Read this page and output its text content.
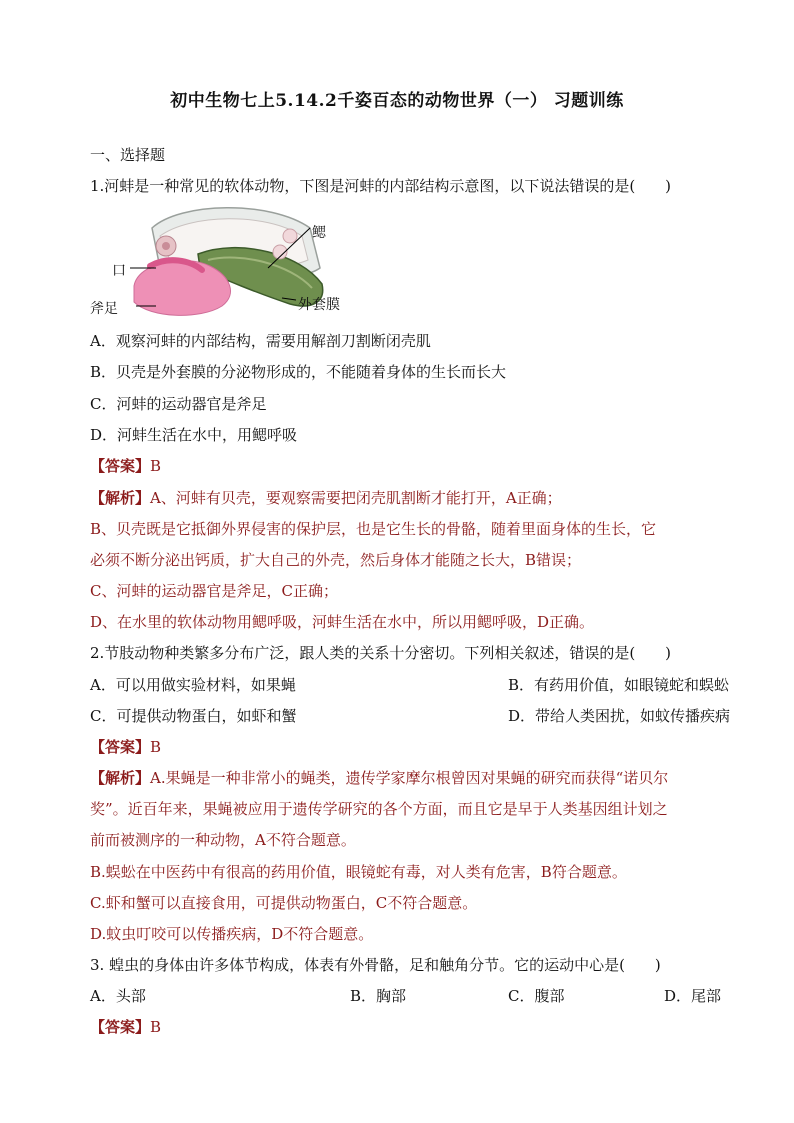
初中生物七上5.14.2千姿百态的动物世界（一） 习题训练
一、选择题
1.河蚌是一种常见的软体动物，下图是河蚌的内部结构示意图，以下说法错误的是(　　)
鳃
口
斧足	外套膜
A．观察河蚌的内部结构，需要用解剖刀割断闭壳肌
B．贝壳是外套膜的分泌物形成的，不能随着身体的生长而长大
C．河蚌的运动器官是斧足
D．河蚌生活在水中，用鳃呼吸
【答案】B
【解析】A、河蚌有贝壳，要观察需要把闭壳肌割断才能打开，A正确；
B、贝壳既是它抵御外界侵害的保护层，也是它生长的骨骼，随着里面身体的生长，它
必须不断分泌出钙质，扩大自己的外壳，然后身体才能随之长大，B错误；
C、河蚌的运动器官是斧足，C正确；
D、在水里的软体动物用鳃呼吸，河蚌生活在水中，所以用鳃呼吸，D正确。
2.节肢动物种类繁多分布广泛，跟人类的关系十分密切。下列相关叙述，错误的是(　　)
A．可以用做实验材料，如果蝇	B．有药用价值，如眼镜蛇和蜈蚣
C．可提供动物蛋白，如虾和蟹	D．带给人类困扰，如蚊传播疾病
【答案】B
【解析】A.果蝇是一种非常小的蝇类，遗传学家摩尔根曾因对果蝇的研究而获得“诺贝尔
奖”。近百年来，果蝇被应用于遗传学研究的各个方面，而且它是早于人类基因组计划之
前而被测序的一种动物，A不符合题意。
B.蜈蚣在中医药中有很高的药用价值，眼镜蛇有毒，对人类有危害，B符合题意。
C.虾和蟹可以直接食用，可提供动物蛋白，C不符合题意。
D.蚊虫叮咬可以传播疾病，D不符合题意。
3. 蝗虫的身体由许多体节构成，体表有外骨骼，足和触角分节。它的运动中心是(　　)
A．头部	B．胸部	C．腹部	D．尾部
【答案】B
